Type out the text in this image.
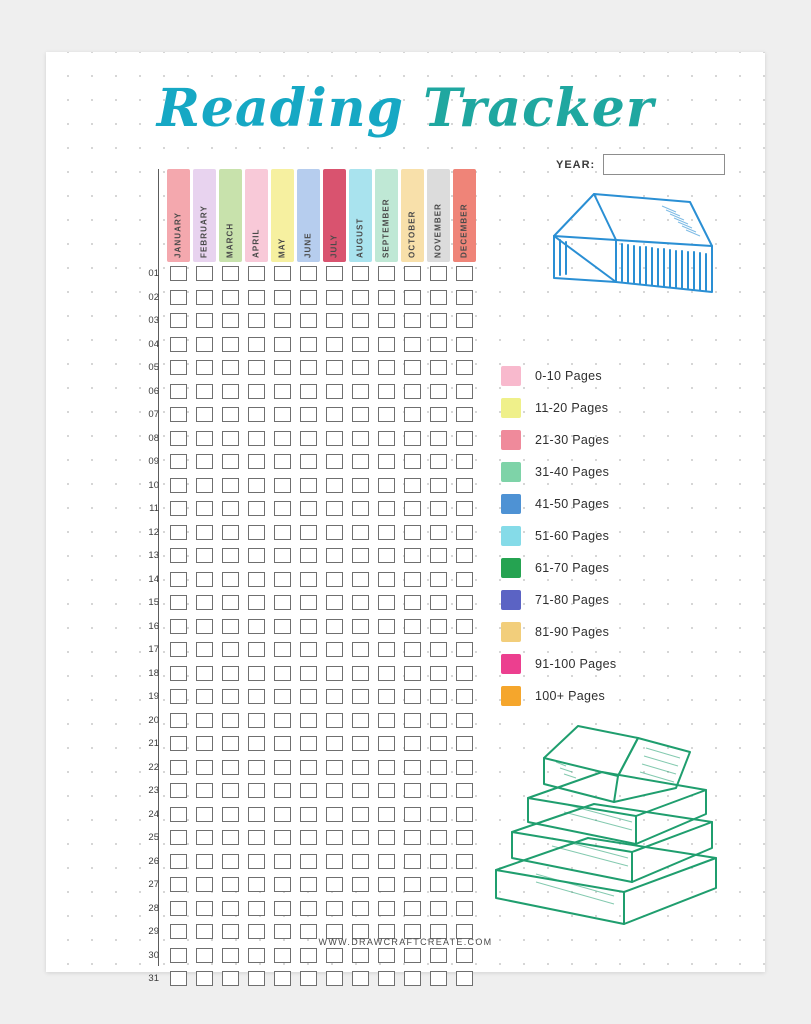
Reading Tracker
YEAR:

	JANUARY	FEBRUARY	MARCH	APRIL	MAY	JUNE	JULY	AUGUST	SEPTEMBER	OCTOBER	NOVEMBER	DECEMBER

01	

02	

03	

04	

05	

06	

07	

08	

09	

10	

11	

12	

13	

14	

15	

16	

17	

18	

19	

20	

21	

22	

23	

24	

25	

26	

27	

28	

29	

30	

31	

0-10 Pages
11-20 Pages
21-30 Pages
31-40 Pages
41-50 Pages
51-60 Pages
61-70 Pages
71-80 Pages
81-90 Pages
91-100 Pages
100+ Pages
WWW.DRAWCRAFTCREATE.COM
